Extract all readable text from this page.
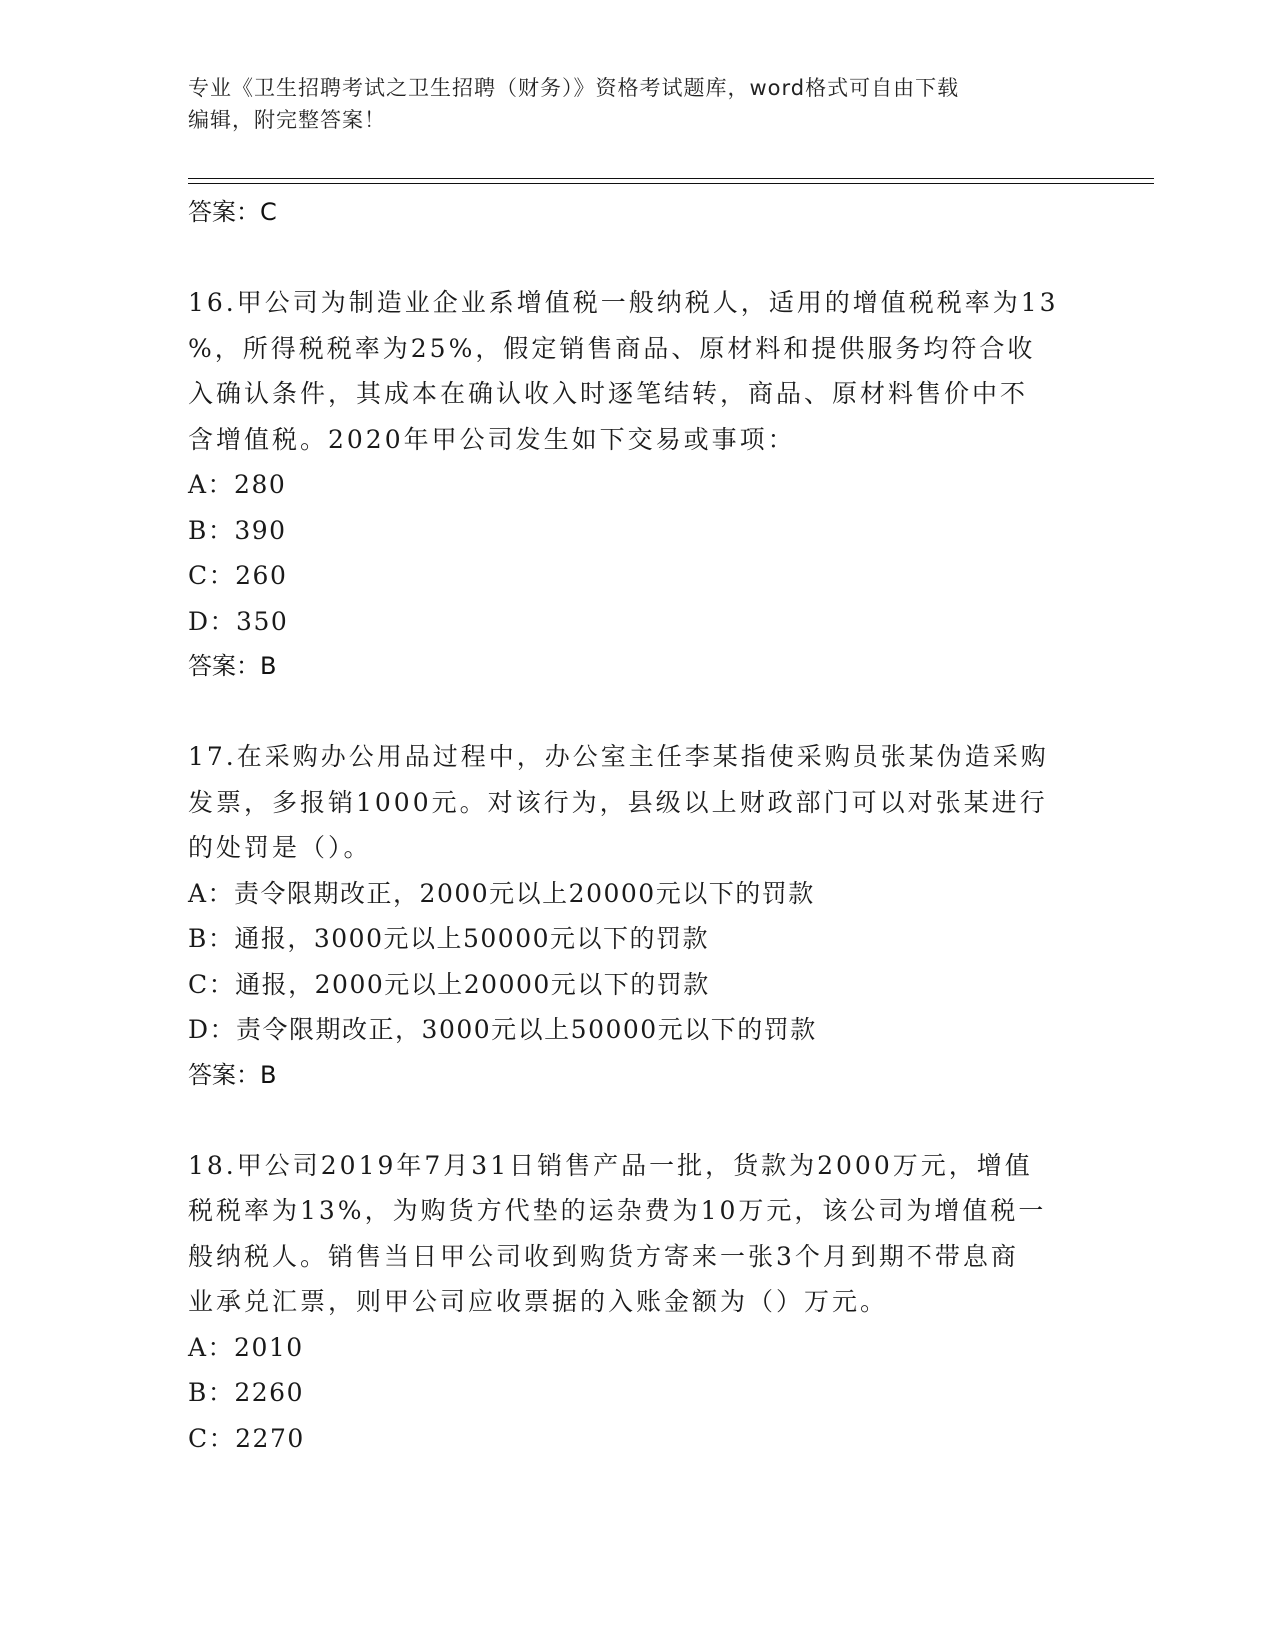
专业《卫生招聘考试之卫生招聘（财务）》资格考试题库，word格式可自由下载
编辑，附完整答案！
答案：C
16.甲公司为制造业企业系增值税一般纳税人，适用的增值税税率为13
%，所得税税率为25%，假定销售商品、原材料和提供服务均符合收
入确认条件，其成本在确认收入时逐笔结转，商品、原材料售价中不
含增值税。2020年甲公司发生如下交易或事项：
A：280
B：390
C：260
D：350
答案：B
17.在采购办公用品过程中，办公室主任李某指使采购员张某伪造采购
发票，多报销1000元。对该行为，县级以上财政部门可以对张某进行
的处罚是（）。
A：责令限期改正，2000元以上20000元以下的罚款
B：通报，3000元以上50000元以下的罚款
C：通报，2000元以上20000元以下的罚款
D：责令限期改正，3000元以上50000元以下的罚款
答案：B
18.甲公司2019年7月31日销售产品一批，货款为2000万元，增值
税税率为13%，为购货方代垫的运杂费为10万元，该公司为增值税一
般纳税人。销售当日甲公司收到购货方寄来一张3个月到期不带息商
业承兑汇票，则甲公司应收票据的入账金额为（）万元。
A：2010
B：2260
C：2270
